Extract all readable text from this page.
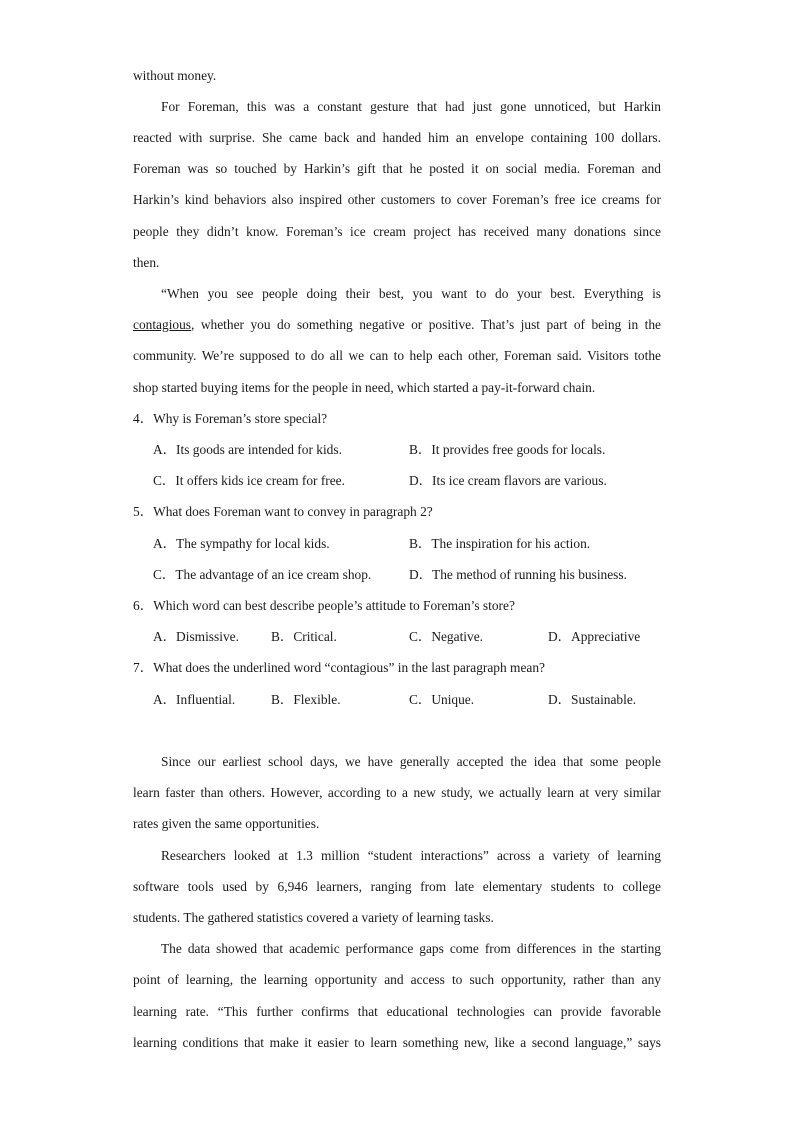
without money.
For Foreman, this was a constant gesture that had just gone unnoticed, but Harkin
reacted with surprise. She came back and handed him an envelope containing 100 dollars.
Foreman was so touched by Harkin’s gift that he posted it on social media. Foreman and
Harkin’s kind behaviors also inspired other customers to cover Foreman’s free ice creams for
people they didn’t know. Foreman’s ice cream project has received many donations since
then.
“When you see people doing their best, you want to do your best. Everything is
contagious, whether you do something negative or positive. That’s just part of being in the
community. We’re supposed to do all we can to help each other, Foreman said. Visitors tothe
shop started buying items for the people in need, which started a pay-it-forward chain.
4．Why is Foreman’s store special?
A．Its goods are intended for kids.	B．It provides free goods for locals.
C．It offers kids ice cream for free.	D．Its ice cream flavors are various.
5．What does Foreman want to convey in paragraph 2?
A．The sympathy for local kids.	B．The inspiration for his action.
C．The advantage of an ice cream shop.	D．The method of running his business.
6．Which word can best describe people’s attitude to Foreman’s store?
A．Dismissive. B．Critical.	C．Negative.	D．Appreciative
7．What does the underlined word “contagious” in the last paragraph mean?
A．Influential.	B．Flexible.	C．Unique.	D．Sustainable.
Since our earliest school days, we have generally accepted the idea that some people
learn faster than others. However, according to a new study, we actually learn at very similar
rates given the same opportunities.
Researchers looked at 1.3 million “student interactions” across a variety of learning
software tools used by 6,946 learners, ranging from late elementary students to college
students. The gathered statistics covered a variety of learning tasks.
The data showed that academic performance gaps come from differences in the starting
point of learning, the learning opportunity and access to such opportunity, rather than any
learning rate. “This further confirms that educational technologies can provide favorable
learning conditions that make it easier to learn something new, like a second language,” says
